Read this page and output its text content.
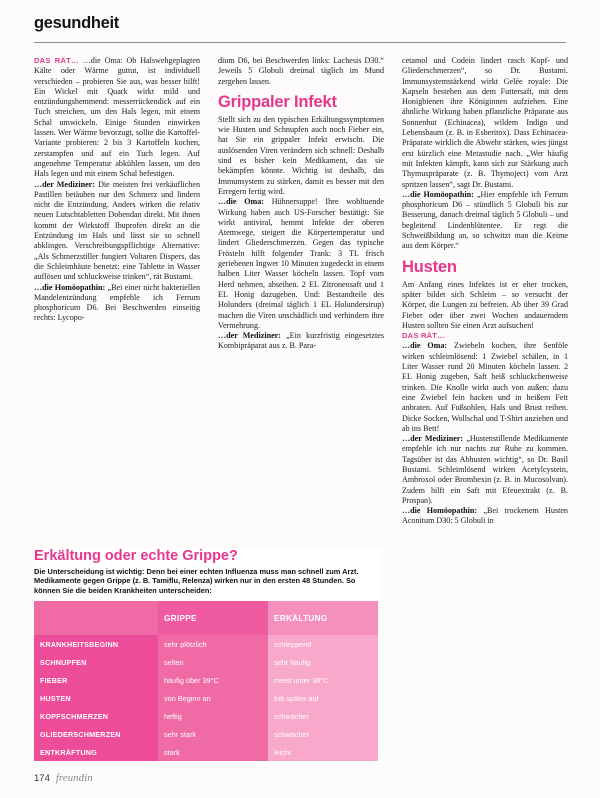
gesundheit

DAS RÄT… …die Oma: Ob Halswehgeplagten Kälte oder Wärme guttut, ist individuell verschieden – probieren Sie aus, was besser hilft! Ein Wickel mit Quark wirkt mild und entzündungshemmend: messerrückendick auf ein Tuch streichen, um den Hals legen, mit einem Schal umwickeln. Einige Stunden einwirken lassen. Wer Wärme bevorzugt, sollte die Kartoffel-Variante probieren: 2 bis 3 Kartoffeln kochen, zerstampfen und auf ein Tuch legen. Auf angenehme Temperatur abkühlen lassen, um den Hals legen und mit einem Schal befestigen.

…der Mediziner: Die meisten frei verkäuflichen Pastillen betäuben nur den Schmerz und lindern nicht die Entzündung. Anders wirken die relativ neuen Lutschtabletten Dobendan direkt. Mit ihnen kommt der Wirkstoff Ibuprofen direkt an die Entzündung im Hals und lässt sie so schnell abklingen. Verschreibungspflichtige Alternative: „Als Schmerzstiller fungiert Voltaren Dispers, das die Schleimhäute benetzt: eine Tablette in Wasser auflösen und schluckweise trinken“, rät Bustami.

…die Homöopathin: „Bei einer nicht bakteriellen Mandelentzündung empfehle ich Ferrum phosphoricum D6. Bei Beschwerden einseitig rechts: Lycopo-

dium D6, bei Beschwerden links: Lachesis D30.“ Jeweils 5 Globuli dreimal täglich im Mund zergehen lassen.

Grippaler Infekt

Stellt sich zu den typischen Erkältungssymptomen wie Husten und Schnupfen auch noch Fieber ein, hat Sie ein grippaler Infekt erwischt. Die auslösenden Viren verändern sich schnell: Deshalb sind es bisher kein Medikament, das sie bekämpfen könnte. Wichtig ist deshalb, das Immunsystem zu stärken, damit es besser mit den Erregern fertig wird.

…die Oma: Hühnersuppe! Ihre wohltuende Wirkung haben auch US-Forscher bestätigt: Sie wirkt antiviral, hemmt Infekte der oberen Atemwege, steigert die Körpertemperatur und lindert Gliederschmerzen. Gegen das typische Frösteln hilft folgender Trank: 3 TL frisch geriebenen Ingwer 10 Minuten zugedeckt in einem halben Liter Wasser köcheln lassen. Topf vom Herd nehmen, abseihen. 2 EL Zitronensaft und 1 EL Honig dazugeben. Und: Bestandteile des Holunders (dreimal täglich 1 EL Holundersirup) machen die Viren unschädlich und verhindern ihre Vermehrung.

…der Mediziner: „Ein kurzfristig eingesetztes Kombipräparat aus z. B. Para-

cetamol und Codein lindert rasch Kopf- und Gliederschmerzen“, so Dr. Bustami. Immunsystemstärkend wirkt Gelée royale: Die Kapseln bestehen aus dem Futtersaft, mit dem Honigbienen ihre Königinnen aufziehen. Eine ähnliche Wirkung haben pflanzliche Präparate aus Sonnenhut (Echinacea), wildem Indigo und Lebensbaum (z. B. in Esberitox). Dass Echinacea-Präparate wirklich die Abwehr stärken, wies jüngst erst kürzlich eine Metastudie nach. „Wer häufig mit Infekten kämpft, kann sich zur Stärkung auch Thymuspräparate (z. B. Thymoject) vom Arzt spritzen lassen“, sagt Dr. Bustami.

…die Homöopathin: „Hier empfehle ich Ferrum phosphoricum D6 – stündlich 5 Globuli bis zur Besserung, danach dreimal täglich 5 Globuli – und begleitend Lindenblütentee. Er regt die Schweißbildung an, so schwitzt man die Keime aus dem Körper.“

Husten

Am Anfang eines Infektes ist er eher trocken, später bildet sich Schleim – so versucht der Körper, die Lungen zu befreien. Ab über 39 Grad Fieber oder über zwei Wochen andauerndem Husten sollten Sie einen Arzt aufsuchen!

DAS RÄT…

…die Oma: Zwiebeln kochen, ihre Senföle wirken schleimlösend: 1 Zwiebel schälen, in 1 Liter Wasser rund 20 Minuten köcheln lassen. 2 EL Honig zugeben, Saft heiß schluckchenweise trinken. Die Knolle wirkt auch von außen: dazu eine Zwiebel fein hacken und in heißem Fett anbraten. Auf Fußsohlen, Hals und Brust reiben. Dicke Socken, Wollschal und T-Shirt anziehen und ab ins Bett!

…der Mediziner: „Hustenstillende Medikamente empfehle ich nur nachts zur Ruhe zu kommen. Tagsüber ist das Abhusten wichtig“, so Dr. Basil Bustami. Schleimlösend wirken Acetylcystein, Ambroxol oder Bromhexin (z. B. in Mucosolvan). Zudem hilft ein Saft mit Efeuextrakt (z. B. Prospan).

…die Homöopathin: „Bei trockenem Husten Aconitum D30: 5 Globuli in

Erkältung oder echte Grippe?
Die Unterscheidung ist wichtig: Denn bei einer echten Influenza muss man schnell zum Arzt. Medikamente gegen Grippe (z. B. Tamiflu, Relenza) wirken nur in den ersten 48 Stunden. So können Sie die beiden Krankheiten unterscheiden:
	GRIPPE	ERKÄLTUNG
KRANKHEITSBEGINN	sehr plötzlich	schleppend
SCHNUPFEN	selten	sehr häufig
FIEBER	häufig über 39°C	meist unter 38°C
HUSTEN	von Beginn an	tritt später auf
KOPFSCHMERZEN	heftig	schwächer
GLIEDERSCHMERZEN	sehr stark	schwächer
ENTKRÄFTUNG	stark	leicht
174 freundin
